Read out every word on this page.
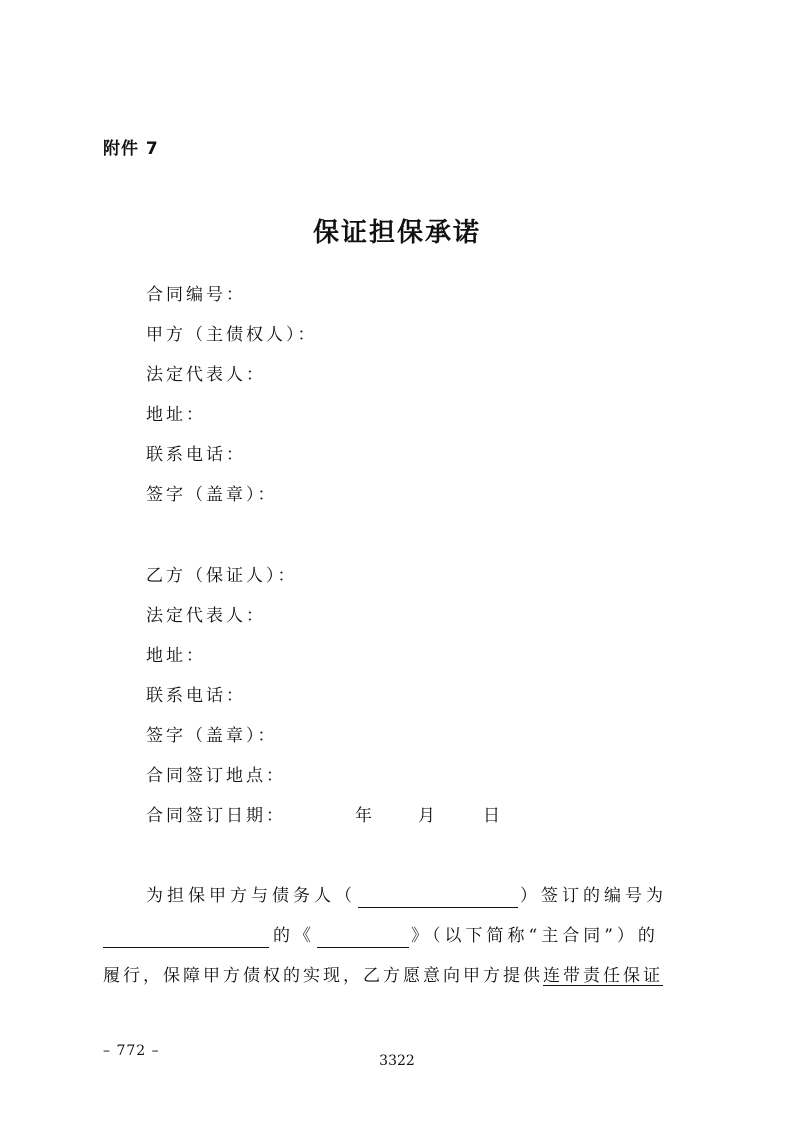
附件 7
保证担保承诺
合同编号：
甲方（主债权人）：
法定代表人：
地址：
联系电话：
签字（盖章）：
乙方（保证人）：
法定代表人：
地址：
联系电话：
签字（盖章）：
合同签订地点：
合同签订日期：	年	月	日
为担保甲方与债务人（	）签订的编号为
的《	》（以下简称“主合同”）的
履行，保障甲方债权的实现，乙方愿意向甲方提供连带责任保证
– 772 –
3322
